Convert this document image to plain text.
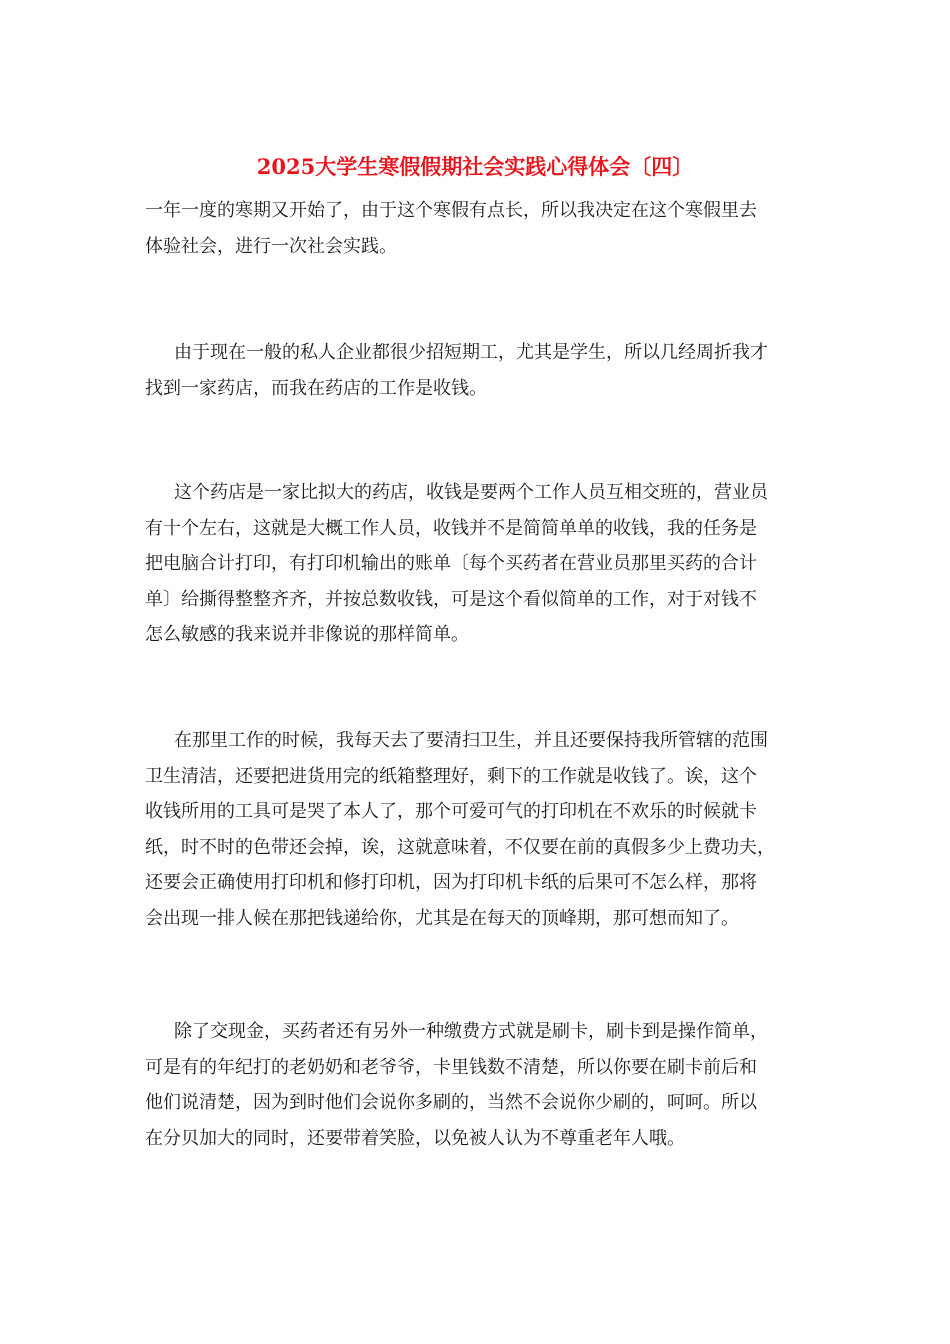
2025大学生寒假假期社会实践心得体会〔四〕

一年一度的寒期又开始了，由于这个寒假有点长，所以我决定在这个寒假里去
体验社会，进行一次社会实践。

由于现在一般的私人企业都很少招短期工，尤其是学生，所以几经周折我才
找到一家药店，而我在药店的工作是收钱。

这个药店是一家比拟大的药店，收钱是要两个工作人员互相交班的，营业员
有十个左右，这就是大概工作人员，收钱并不是简简单单的收钱，我的任务是
把电脑合计打印，有打印机输出的账单〔每个买药者在营业员那里买药的合计
单〕给撕得整整齐齐，并按总数收钱，可是这个看似简单的工作，对于对钱不
怎么敏感的我来说并非像说的那样简单。

在那里工作的时候，我每天去了要清扫卫生，并且还要保持我所管辖的范围
卫生清洁，还要把进货用完的纸箱整理好，剩下的工作就是收钱了。诶，这个
收钱所用的工具可是哭了本人了，那个可爱可气的打印机在不欢乐的时候就卡
纸，时不时的色带还会掉，诶，这就意味着，不仅要在前的真假多少上费功夫，
还要会正确使用打印机和修打印机，因为打印机卡纸的后果可不怎么样，那将
会出现一排人候在那把钱递给你，尤其是在每天的顶峰期，那可想而知了。

除了交现金，买药者还有另外一种缴费方式就是刷卡，刷卡到是操作简单，
可是有的年纪打的老奶奶和老爷爷，卡里钱数不清楚，所以你要在刷卡前后和
他们说清楚，因为到时他们会说你多刷的，当然不会说你少刷的，呵呵。所以
在分贝加大的同时，还要带着笑脸，以免被人认为不尊重老年人哦。
